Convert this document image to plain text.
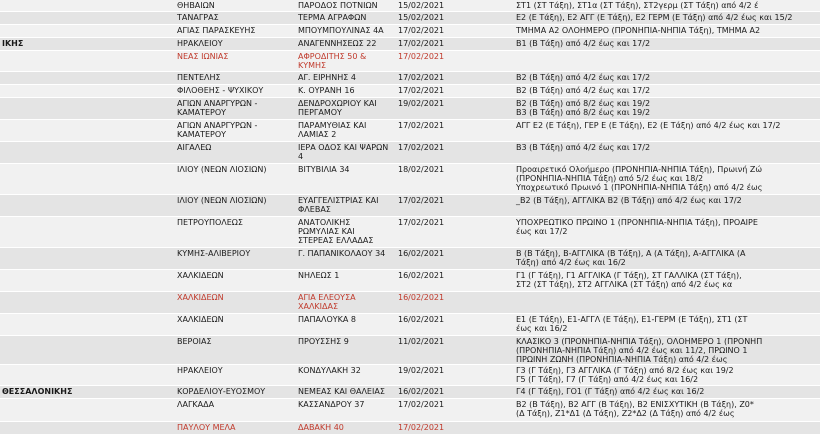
	ΘΗΒΑΙΩΝ	ΠΑΡΟΔΟΣ ΠΟΤΝΙΩΝ	15/02/2021	ΣΤ1 (ΣΤ Τάξη), ΣΤ1α (ΣΤ Τάξη), ΣΤ2γερμ (ΣΤ Τάξη) από 4/2 έ
	ΤΑΝΑΓΡΑΣ	ΤΕΡΜΑ ΑΓΡΑΦΩΝ	15/02/2021	Ε2 (Ε Τάξη), Ε2 ΑΓΓ (Ε Τάξη), Ε2 ΓΕΡΜ (Ε Τάξη) από 4/2 έως και 15/2
	ΑΓΙΑΣ ΠΑΡΑΣΚΕΥΗΣ	ΜΠΟΥΜΠΟΥΛΙΝΑΣ 4Α	17/02/2021	ΤΜΗΜΑ Α2 ΟΛΟΗΜΕΡΟ (ΠΡΟΝΗΠΙΑ-ΝΗΠΙΑ Τάξη), ΤΜΗΜΑ Α2
ΙΚΗΣ	ΗΡΑΚΛΕΙΟΥ	ΑΝΑΓΕΝΝΗΣΕΩΣ 22	17/02/2021	Β1 (Β Τάξη) από 4/2 έως και 17/2
	ΝΕΑΣ ΙΩΝΙΑΣ	ΑΦΡΟΔΙΤΗΣ 50 & ΚΥΜΗΣ	17/02/2021	
	ΠΕΝΤΕΛΗΣ	ΑΓ. ΕΙΡΗΝΗΣ 4	17/02/2021	Β2 (Β Τάξη) από 4/2 έως και 17/2
	ΦΙΛΟΘΕΗΣ - ΨΥΧΙΚΟΥ	Κ. ΟΥΡΑΝΗ 16	17/02/2021	Β2 (Β Τάξη) από 4/2 έως και 17/2
	ΑΓΙΩΝ ΑΝΑΡΓΥΡΩΝ - ΚΑΜΑΤΕΡΟΥ	ΔΕΝΔΡΟΧΩΡΙΟΥ ΚΑΙ ΠΕΡΓΑΜΟΥ	19/02/2021	Β2 (Β Τάξη) από 8/2 έως και 19/2
Β3 (Β Τάξη) από 8/2 έως και 19/2
	ΑΓΙΩΝ ΑΝΑΡΓΥΡΩΝ - ΚΑΜΑΤΕΡΟΥ	ΠΑΡΑΜΥΘΙΑΣ ΚΑΙ ΛΑΜΙΑΣ 2	17/02/2021	ΑΓΓ Ε2 (Ε Τάξη), ΓΕΡ Ε (Ε Τάξη), Ε2 (Ε Τάξη) από 4/2 έως και 17/2
	ΑΙΓΑΛΕΩ	ΙΕΡΑ ΟΔΟΣ ΚΑΙ ΨΑΡΩΝ 4	17/02/2021	Β3 (Β Τάξη) από 4/2 έως και 17/2
	ΙΛΙΟΥ (ΝΕΩΝ ΛΙΟΣΙΩΝ)	ΒΙΤΥΒΙΛΙΑ 34	18/02/2021	Προαιρετικό Ολοήμερο (ΠΡΟΝΗΠΙΑ-ΝΗΠΙΑ Τάξη), Πρωινή Ζώ
(ΠΡΟΝΗΠΙΑ-ΝΗΠΙΑ Τάξη) από 5/2 έως και 18/2
Υποχρεωτικό Πρωινό 1 (ΠΡΟΝΗΠΙΑ-ΝΗΠΙΑ Τάξη) από 4/2 έως
	ΙΛΙΟΥ (ΝΕΩΝ ΛΙΟΣΙΩΝ)	ΕΥΑΓΓΕΛΙΣΤΡΙΑΣ ΚΑΙ ΦΛΕΒΑΣ	17/02/2021	_Β2 (Β Τάξη), ΑΓΓΛΙΚΑ Β2 (Β Τάξη) από 4/2 έως και 17/2
	ΠΕΤΡΟΥΠΟΛΕΩΣ	ΑΝΑΤΟΛΙΚΗΣ ΡΩΜΥΛΙΑΣ ΚΑΙ ΣΤΕΡΕΑΣ ΕΛΛΑΔΑΣ	17/02/2021	ΥΠΟΧΡΕΩΤΙΚΟ ΠΡΩΙΝΟ 1 (ΠΡΟΝΗΠΙΑ-ΝΗΠΙΑ Τάξη), ΠΡΟΑΙΡΕ
έως και 17/2
	ΚΥΜΗΣ-ΑΛΙΒΕΡΙΟΥ	Γ. ΠΑΠΑΝΙΚΟΛΑΟΥ 34	16/02/2021	Β (Β Τάξη), Β-ΑΓΓΛΙΚΑ (Β Τάξη), Α (Α Τάξη), Α-ΑΓΓΛΙΚΑ (Α
Τάξη) από 4/2 έως και 16/2
	ΧΑΛΚΙΔΕΩΝ	ΝΗΛΕΩΣ 1	16/02/2021	Γ1 (Γ Τάξη), Γ1 ΑΓΓΛΙΚΑ (Γ Τάξη), ΣΤ ΓΑΛΛΙΚΑ (ΣΤ Τάξη),
ΣΤ2 (ΣΤ Τάξη), ΣΤ2 ΑΓΓΛΙΚΑ (ΣΤ Τάξη) από 4/2 έως κα
	ΧΑΛΚΙΔΕΩΝ	ΑΓΙΑ ΕΛΕΟΥΣΑ ΧΑΛΚΙΔΑΣ	16/02/2021	
	ΧΑΛΚΙΔΕΩΝ	ΠΑΠΑΛΟΥΚΑ 8	16/02/2021	Ε1 (Ε Τάξη), Ε1-ΑΓΓΛ (Ε Τάξη), Ε1-ΓΕΡΜ (Ε Τάξη), ΣΤ1 (ΣΤ
έως και 16/2
	ΒΕΡΟΙΑΣ	ΠΡΟΥΣΣΗΣ 9	11/02/2021	ΚΛΑΣΙΚΟ 3 (ΠΡΟΝΗΠΙΑ-ΝΗΠΙΑ Τάξη), ΟΛΟΗΜΕΡΟ 1 (ΠΡΟΝΗΠ
(ΠΡΟΝΗΠΙΑ-ΝΗΠΙΑ Τάξη) από 4/2 έως και 11/2, ΠΡΩΙΝΟ 1
ΠΡΩΙΝΗ ΖΩΝΗ (ΠΡΟΝΗΠΙΑ-ΝΗΠΙΑ Τάξη) από 4/2 έως
	ΗΡΑΚΛΕΙΟΥ	ΚΟΝΔΥΛΑΚΗ 32	19/02/2021	Γ3 (Γ Τάξη), Γ3 ΑΓΓΛΙΚΑ (Γ Τάξη) από 8/2 έως και 19/2
Γ5 (Γ Τάξη), Γ7 (Γ Τάξη) από 4/2 έως και 16/2
ΘΕΣΣΑΛΟΝΙΚΗΣ	ΚΟΡΔΕΛΙΟΥ-ΕΥΟΣΜΟΥ	ΝΕΜΕΑΣ ΚΑΙ ΘΑΛΕΙΑΣ	16/02/2021	Γ4 (Γ Τάξη), ΓΟ1 (Γ Τάξη) από 4/2 έως και 16/2
	ΛΑΓΚΑΔΑ	ΚΑΣΣΑΝΔΡΟΥ 37	17/02/2021	Β2 (Β Τάξη), Β2 ΑΓΓ (Β Τάξη), Β2 ΕΝΙΣΧΥΤΙΚΗ (Β Τάξη), Ζ0*
(Δ Τάξη), Ζ1*Δ1 (Δ Τάξη), Ζ2*Δ2 (Δ Τάξη) από 4/2 έως
	ΠΑΥΛΟΥ ΜΕΛΑ	ΔΑΒΑΚΗ 40	17/02/2021	
